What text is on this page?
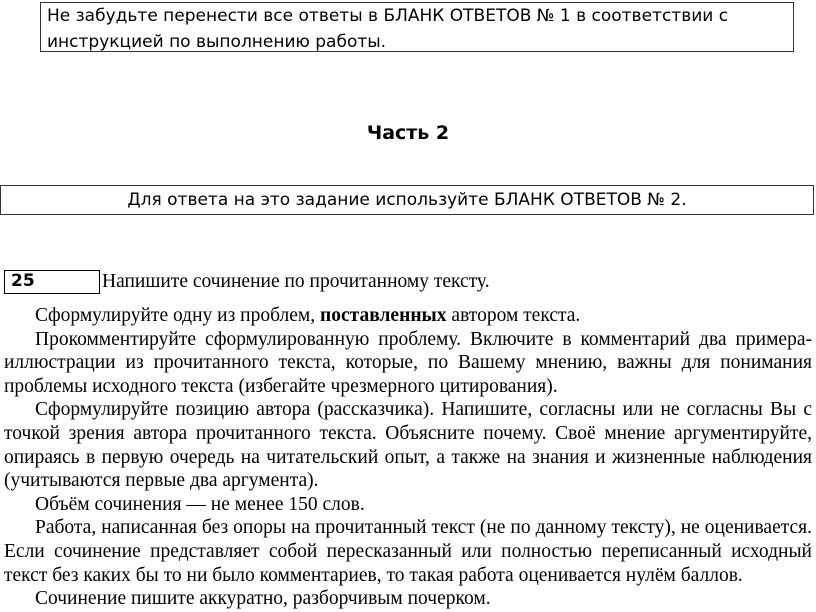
Не забудьте перенести все ответы в БЛАНК ОТВЕТОВ № 1 в соответствии с инструкцией по выполнению работы.
Часть 2
Для ответа на это задание используйте БЛАНК ОТВЕТОВ № 2.
25	Напишите сочинение по прочитанному тексту.

Сформулируйте одну из проблем, поставленных автором текста.

Прокомментируйте сформулированную проблему. Включите в комментарий два примера-иллюстрации из прочитанного текста, которые, по Вашему мнению, важны для понимания проблемы исходного текста (избегайте чрезмерного цитирования).

Сформулируйте позицию автора (рассказчика). Напишите, согласны или не согласны Вы с точкой зрения автора прочитанного текста. Объясните почему. Своё мнение аргументируйте, опираясь в первую очередь на читательский опыт, а также на знания и жизненные наблюдения (учитываются первые два аргумента).

Объём сочинения — не менее 150 слов.

Работа, написанная без опоры на прочитанный текст (не по данному тексту), не оценивается. Если сочинение представляет собой пересказанный или полностью переписанный исходный текст без каких бы то ни было комментариев, то такая работа оценивается нулём баллов.

Сочинение пишите аккуратно, разборчивым почерком.
